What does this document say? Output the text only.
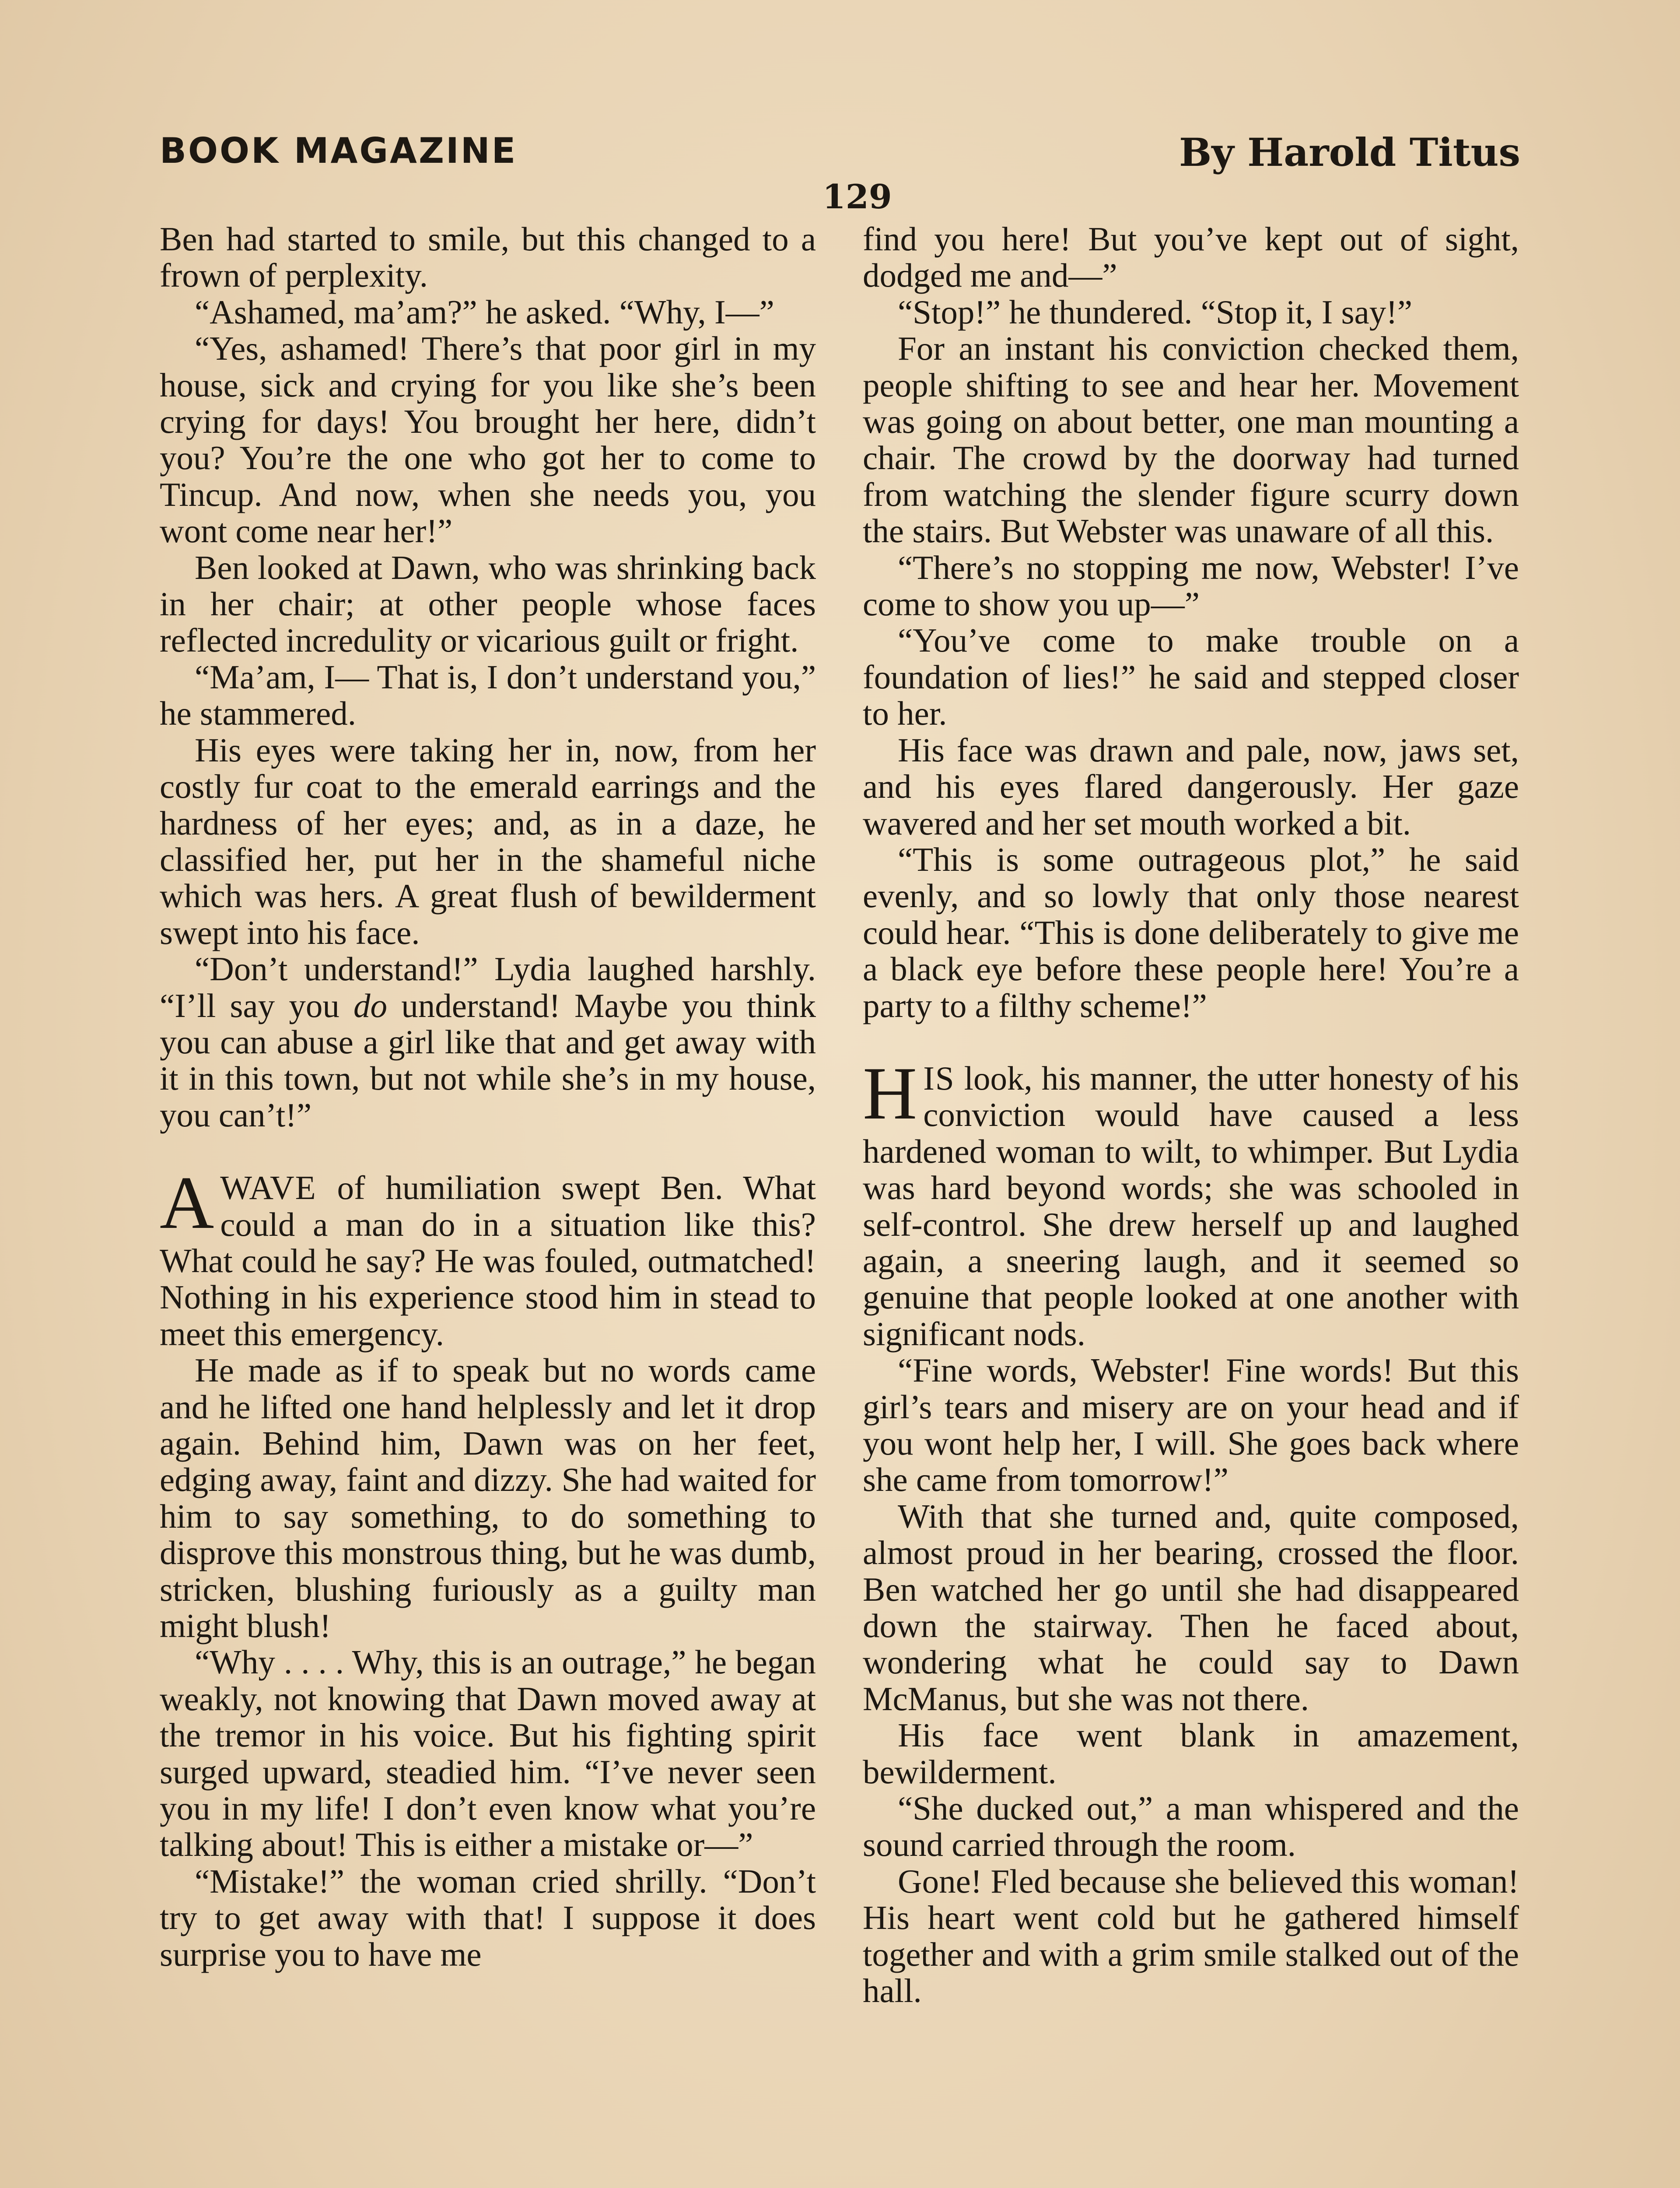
BOOK MAGAZINE	By Harold Titus
129

Ben had started to smile, but this changed to a frown of perplexity.

“Ashamed, ma’am?” he asked. “Why, I—”

“Yes, ashamed! There’s that poor girl in my house, sick and crying for you like she’s been crying for days! You brought her here, didn’t you? You’re the one who got her to come to Tincup. And now, when she needs you, you wont come near her!”

Ben looked at Dawn, who was shrinking back in her chair; at other people whose faces reflected incredulity or vicarious guilt or fright.

“Ma’am, I— That is, I don’t understand you,” he stammered.

His eyes were taking her in, now, from her costly fur coat to the emerald earrings and the hardness of her eyes; and, as in a daze, he classified her, put her in the shameful niche which was hers. A great flush of bewilderment swept into his face.

“Don’t understand!” Lydia laughed harshly. “I’ll say you do understand! Maybe you think you can abuse a girl like that and get away with it in this town, but not while she’s in my house, you can’t!”

AWAVE of humiliation swept Ben. What could a man do in a situation like this? What could he say? He was fouled, outmatched! Nothing in his experience stood him in stead to meet this emergency.

He made as if to speak but no words came and he lifted one hand helplessly and let it drop again. Behind him, Dawn was on her feet, edging away, faint and dizzy. She had waited for him to say something, to do something to disprove this monstrous thing, but he was dumb, stricken, blushing furiously as a guilty man might blush!

“Why . . . . Why, this is an outrage,” he began weakly, not knowing that Dawn moved away at the tremor in his voice. But his fighting spirit surged upward, steadied him. “I’ve never seen you in my life! I don’t even know what you’re talking about! This is either a mistake or—”

“Mistake!” the woman cried shrilly. “Don’t try to get away with that! I suppose it does surprise you to have me

find you here! But you’ve kept out of sight, dodged me and—”

“Stop!” he thundered. “Stop it, I say!”

For an instant his conviction checked them, people shifting to see and hear her. Movement was going on about better, one man mounting a chair. The crowd by the doorway had turned from watching the slender figure scurry down the stairs. But Webster was unaware of all this.

“There’s no stopping me now, Webster! I’ve come to show you up—”

“You’ve come to make trouble on a foundation of lies!” he said and stepped closer to her.

His face was drawn and pale, now, jaws set, and his eyes flared dangerously. Her gaze wavered and her set mouth worked a bit.

“This is some outrageous plot,” he said evenly, and so lowly that only those nearest could hear. “This is done deliberately to give me a black eye before these people here! You’re a party to a filthy scheme!”

HIS look, his manner, the utter honesty of his conviction would have caused a less hardened woman to wilt, to whimper. But Lydia was hard beyond words; she was schooled in self-control. She drew herself up and laughed again, a sneering laugh, and it seemed so genuine that people looked at one another with significant nods.

“Fine words, Webster! Fine words! But this girl’s tears and misery are on your head and if you wont help her, I will. She goes back where she came from tomorrow!”

With that she turned and, quite composed, almost proud in her bearing, crossed the floor. Ben watched her go until she had disappeared down the stairway. Then he faced about, wondering what he could say to Dawn McManus, but she was not there.

His face went blank in amazement, bewilderment.

“She ducked out,” a man whispered and the sound carried through the room.

Gone! Fled because she believed this woman! His heart went cold but he gathered himself together and with a grim smile stalked out of the hall.
